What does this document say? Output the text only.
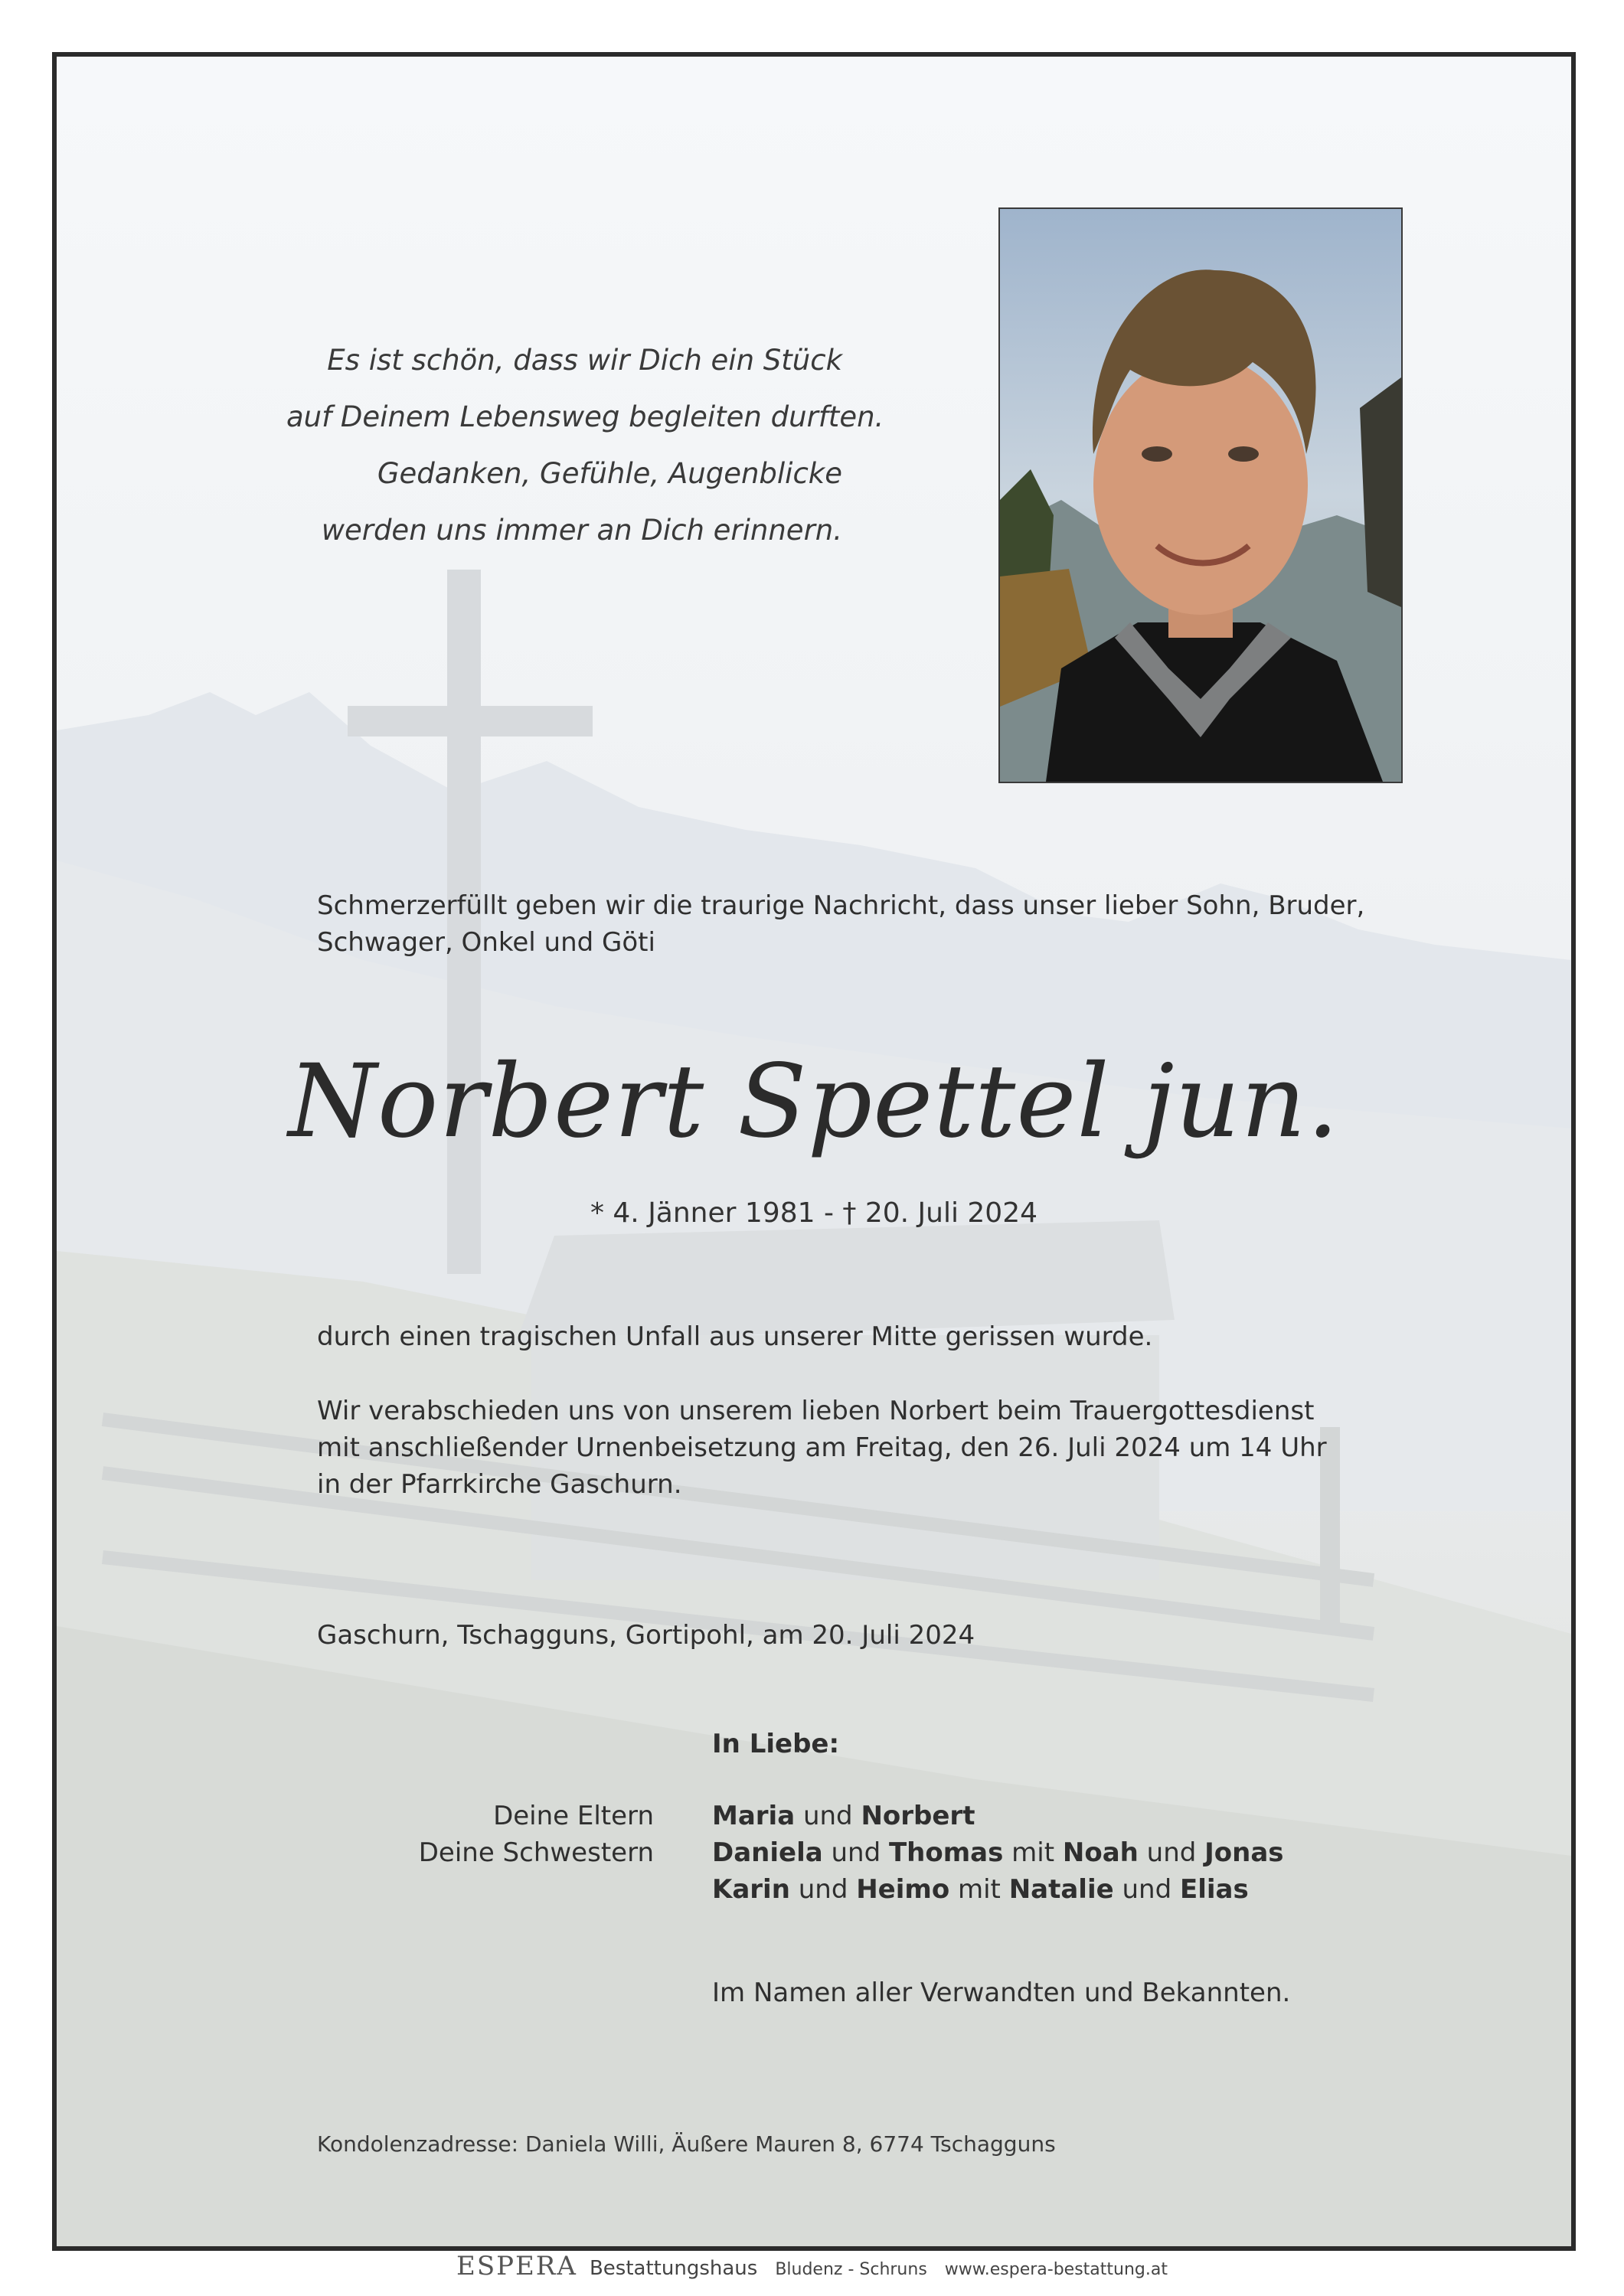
Es ist schön, dass wir Dich ein Stück
auf Deinem Lebensweg begleiten durften.
Gedanken, Gefühle, Augenblicke
werden uns immer an Dich erinnern.
Schmerzerfüllt geben wir die traurige Nachricht, dass unser lieber Sohn, Bruder,
Schwager, Onkel und Göti
Norbert Spettel jun.
* 4. Jänner 1981 - † 20. Juli 2024
durch einen tragischen Unfall aus unserer Mitte gerissen wurde.
Wir verabschieden uns von unserem lieben Norbert beim Trauergottesdienst
mit anschließender Urnenbeisetzung am Freitag, den 26. Juli 2024 um 14 Uhr
in der Pfarrkirche Gaschurn.
Gaschurn, Tschagguns, Gortipohl, am 20. Juli 2024
In Liebe:
Deine Eltern
Deine Schwestern
Maria und Norbert
Daniela und Thomas mit Noah und Jonas
Karin und Heimo mit Natalie und Elias
Im Namen aller Verwandten und Bekannten.
Kondolenzadresse: Daniela Willi, Äußere Mauren 8, 6774 Tschagguns
ESPERA Bestattungshaus Bludenz - Schruns www.espera-bestattung.at
